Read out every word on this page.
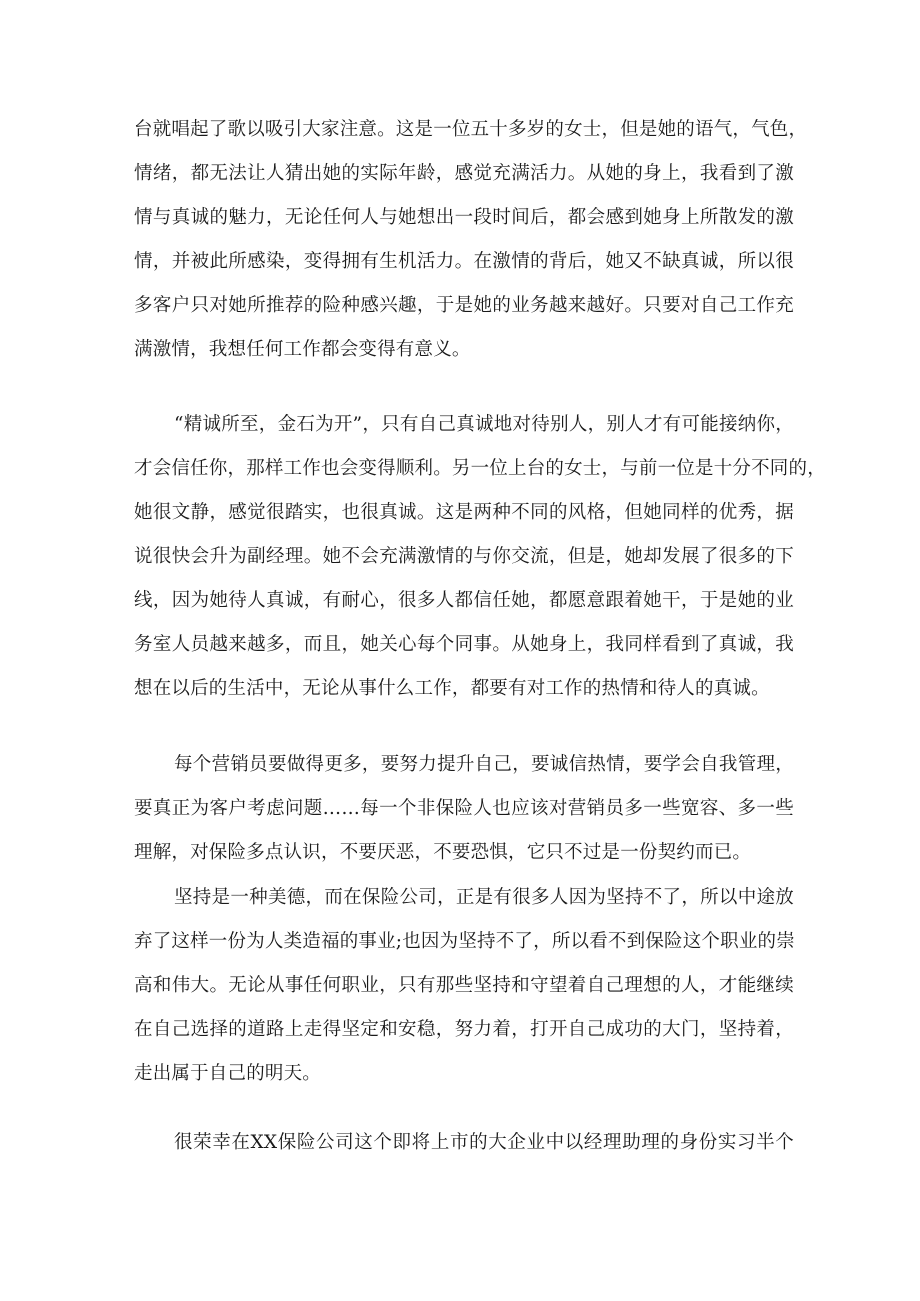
台就唱起了歌以吸引大家注意。这是一位五十多岁的女士，但是她的语气，气色，
情绪，都无法让人猜出她的实际年龄，感觉充满活力。从她的身上，我看到了激
情与真诚的魅力，无论任何人与她想出一段时间后，都会感到她身上所散发的激
情，并被此所感染，变得拥有生机活力。在激情的背后，她又不缺真诚，所以很
多客户只对她所推荐的险种感兴趣，于是她的业务越来越好。只要对自己工作充
满激情，我想任何工作都会变得有意义。
“精诚所至，金石为开”，只有自己真诚地对待别人，别人才有可能接纳你，
才会信任你，那样工作也会变得顺利。另一位上台的女士，与前一位是十分不同的，
她很文静，感觉很踏实，也很真诚。这是两种不同的风格，但她同样的优秀，据
说很快会升为副经理。她不会充满激情的与你交流，但是，她却发展了很多的下
线，因为她待人真诚，有耐心，很多人都信任她，都愿意跟着她干，于是她的业
务室人员越来越多，而且，她关心每个同事。从她身上，我同样看到了真诚，我
想在以后的生活中，无论从事什么工作，都要有对工作的热情和待人的真诚。
每个营销员要做得更多，要努力提升自己，要诚信热情，要学会自我管理，
要真正为客户考虑问题……每一个非保险人也应该对营销员多一些宽容、多一些
理解，对保险多点认识，不要厌恶，不要恐惧，它只不过是一份契约而已。
坚持是一种美德，而在保险公司，正是有很多人因为坚持不了，所以中途放
弃了这样一份为人类造福的事业;也因为坚持不了，所以看不到保险这个职业的崇
高和伟大。无论从事任何职业，只有那些坚持和守望着自己理想的人，才能继续
在自己选择的道路上走得坚定和安稳，努力着，打开自己成功的大门，坚持着，
走出属于自己的明天。
很荣幸在XX保险公司这个即将上市的大企业中以经理助理的身份实习半个
